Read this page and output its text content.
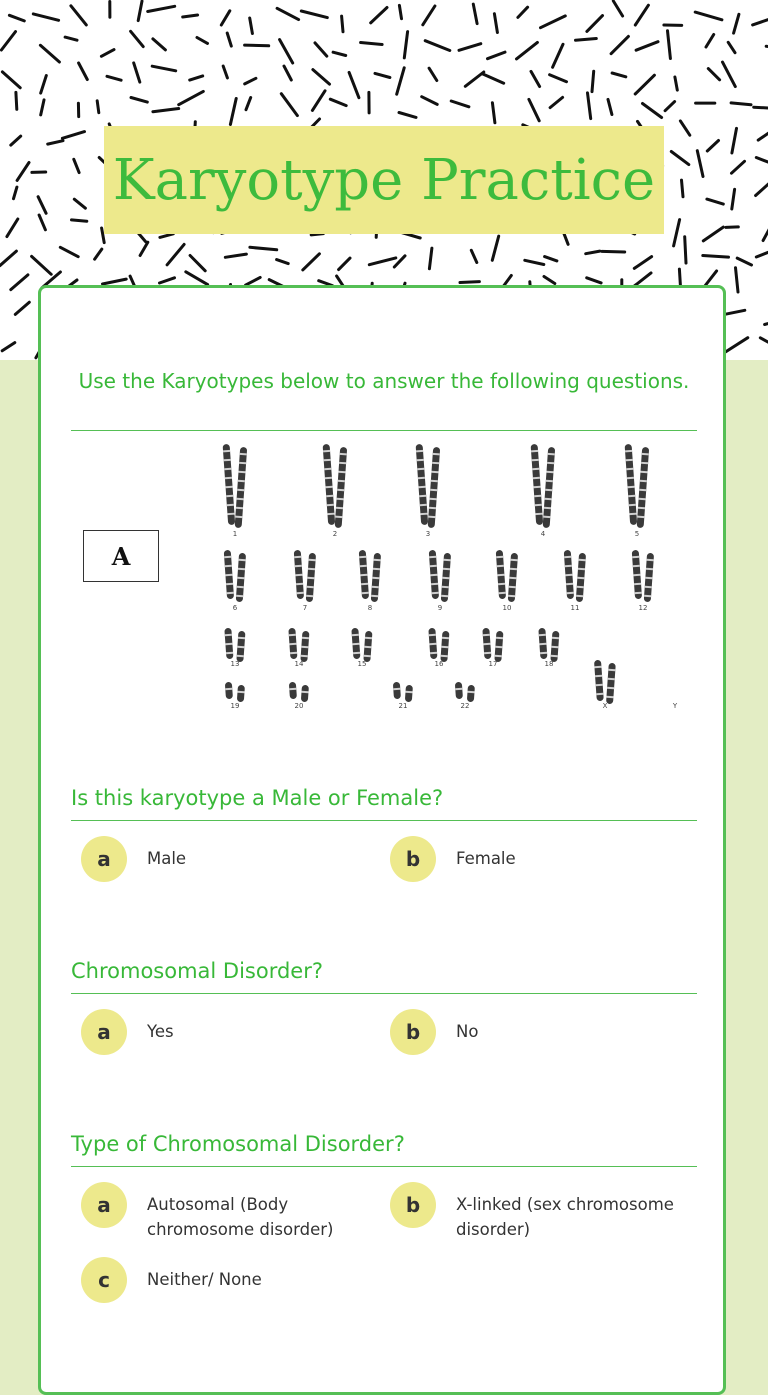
Karyotype Practice
Use the Karyotypes below to answer the following questions.
A
1	2	3	4	5
6	7	8	9	10	11	12
13	14	15	16	17	18
19	20	21	22	X	Y
Is this karyotype a Male or Female?
a	Male	b	Female
Chromosomal Disorder?
a	Yes	b	No
Type of Chromosomal Disorder?
a	Autosomal (Body chromosome disorder)
b	X-linked (sex chromosome disorder)
c	Neither/ None
